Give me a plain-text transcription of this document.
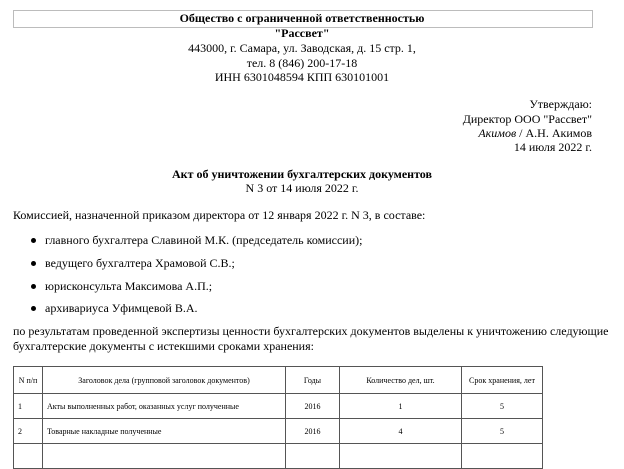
Общество с ограниченной ответственностью
"Рассвет"
443000, г. Самара, ул. Заводская, д. 15 стр. 1,
тел. 8 (846) 200-17-18
ИНН 6301048594 КПП 630101001
Утверждаю:
Директор ООО "Рассвет"
Акимов / А.Н. Акимов
14 июля 2022 г.
Акт об уничтожении бухгалтерских документов
N 3 от 14 июля 2022 г.
Комиссией, назначенной приказом директора от 12 января 2022 г. N 3, в составе:
главного бухгалтера Славиной М.К. (председатель комиссии);
ведущего бухгалтера Храмовой С.В.;
юрисконсульта Максимова А.П.;
архивариуса Уфимцевой В.А.
по результатам проведенной экспертизы ценности бухгалтерских документов выделены к уничтожению следующие
бухгалтерские документы с истекшими сроками хранения:
N п/п	Заголовок дела (групповой заголовок документов)	Годы	Количество дел, шт.	Срок хранения, лет
1	Акты выполненных работ, оказанных услуг полученные	2016	1	5
2	Товарные накладные полученные	2016	4	5
